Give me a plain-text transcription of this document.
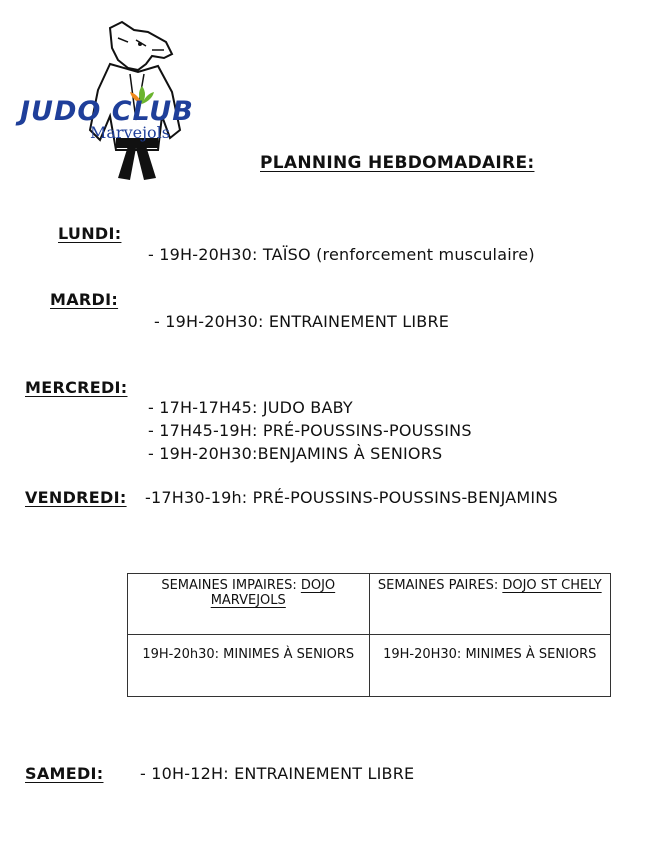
JUDO CLUB
Marvejols
PLANNING HEBDOMADAIRE:
LUNDI:
- 19H-20H30: TAÏSO (renforcement musculaire)
MARDI:
- 19H-20H30: ENTRAINEMENT LIBRE
MERCREDI:
- 17H-17H45: JUDO BABY
- 17H45-19H: PRÉ-POUSSINS-POUSSINS
- 19H-20H30:BENJAMINS À SENIORS
VENDREDI: -17H30-19h: PRÉ-POUSSINS-POUSSINS-BENJAMINS
SEMAINES IMPAIRES: DOJO MARVEJOLS	SEMAINES PAIRES: DOJO ST CHELY
19H-20h30: MINIMES À SENIORS	19H-20H30: MINIMES À SENIORS
SAMEDI: - 10H-12H: ENTRAINEMENT LIBRE
